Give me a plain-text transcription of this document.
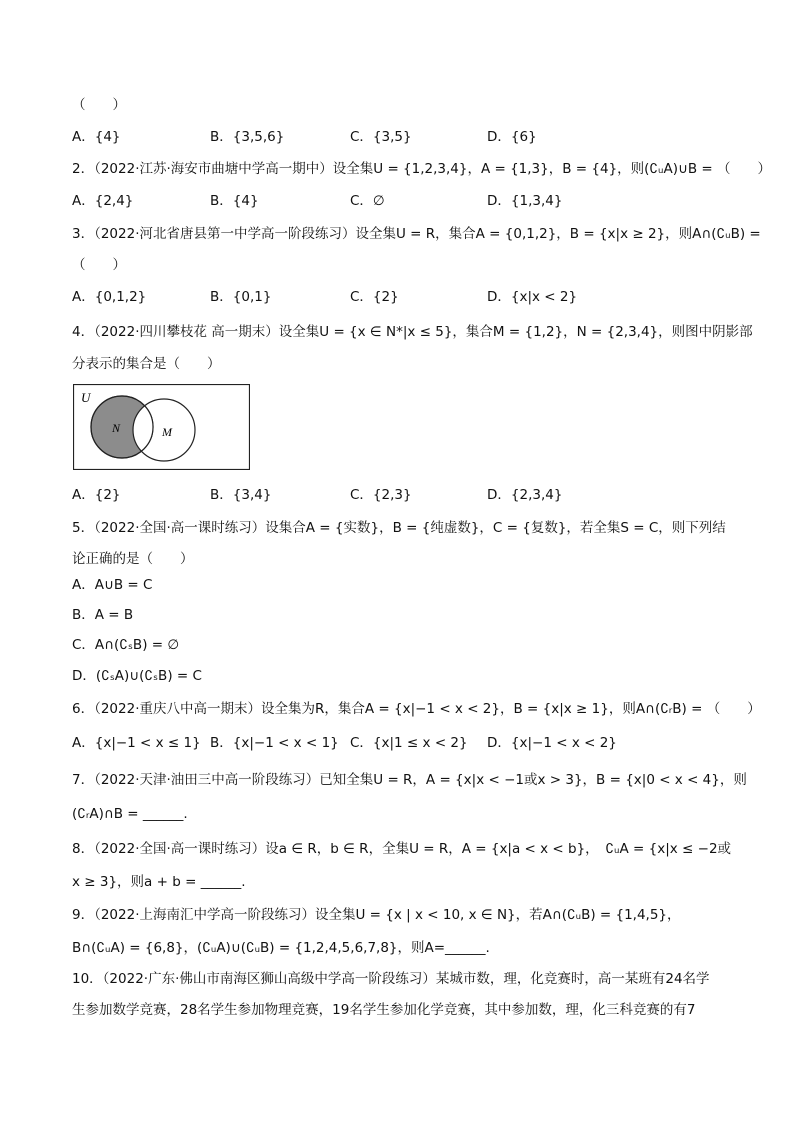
（　　）
A．{4}	B．{3,5,6}	C．{3,5}	D．{6}
2．（2022·江苏·海安市曲塘中学高一期中）设全集U = {1,2,3,4}，A = {1,3}，B = {4}，则(∁ᵤA)∪B = （　　）
A．{2,4}	B．{4}	C．∅	D．{1,3,4}
3．（2022·河北省唐县第一中学高一阶段练习）设全集U = R，集合A = {0,1,2}，B = {x|x ≥ 2}，则A∩(∁ᵤB) =
（　　）
A．{0,1,2}	B．{0,1}	C．{2}	D．{x|x < 2}
4．（2022·四川攀枝花 高一期末）设全集U = {x ∈ N*|x ≤ 5}，集合M = {1,2}，N = {2,3,4}，则图中阴影部
分表示的集合是（　　）
U
N	M
A．{2}	B．{3,4}	C．{2,3}	D．{2,3,4}
5．（2022·全国·高一课时练习）设集合A = {实数}，B = {纯虚数}，C = {复数}，若全集S = C，则下列结
论正确的是（　　）
A．A∪B = C
B．A = B
C．A∩(∁ₛB) = ∅
D．(∁ₛA)∪(∁ₛB) = C
6．（2022·重庆八中高一期末）设全集为R，集合A = {x|−1 < x < 2}，B = {x|x ≥ 1}，则A∩(∁ᵣB) = （　　）
A．{x|−1 < x ≤ 1} B．{x|−1 < x < 1} C．{x|1 ≤ x < 2} D．{x|−1 < x < 2}
7．（2022·天津·油田三中高一阶段练习）已知全集U = R，A = {x|x < −1或x > 3}，B = {x|0 < x < 4}，则
(∁ᵣA)∩B = ______.
8．（2022·全国·高一课时练习）设a ∈ R，b ∈ R，全集U = R，A = {x|a < x < b}，　∁ᵤA = {x|x ≤ −2或
x ≥ 3}，则a + b = ______.
9．（2022·上海南汇中学高一阶段练习）设全集U = {x | x < 10, x ∈ N}，若A∩(∁ᵤB) = {1,4,5}，
B∩(∁ᵤA) = {6,8}，(∁ᵤA)∪(∁ᵤB) = {1,2,4,5,6,7,8}，则A=______.
10．（2022·广东·佛山市南海区狮山高级中学高一阶段练习）某城市数，理，化竞赛时，高一某班有24名学
生参加数学竞赛，28名学生参加物理竞赛，19名学生参加化学竞赛，其中参加数，理，化三科竞赛的有7
